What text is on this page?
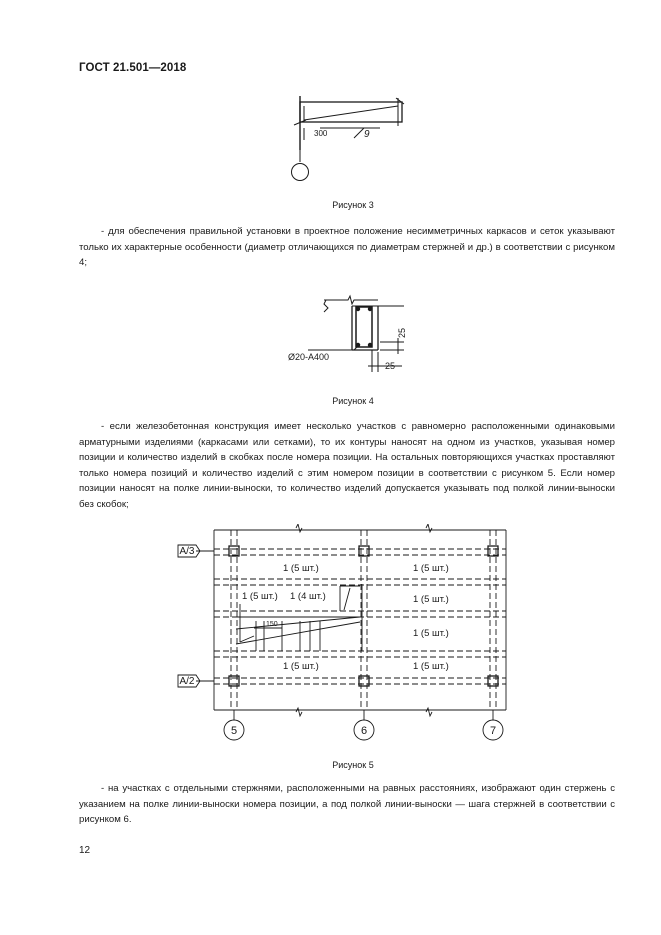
ГОСТ 21.501—2018
300	9
Рисунок 3
- для обеспечения правильной установки в проектное положение несимметричных каркасов и сеток указывают только их характерные особенности (диаметр отличающихся по диаметрам стержней и др.) в соответствии с рисунком 4;
25
25
Ø20-А400
Рисунок 4
- если железобетонная конструкция имеет несколько участков с равномерно расположенными одинаковыми арматурными изделиями (каркасами или сетками), то их контуры наносят на одном из участков, указывая номер позиции и количество изделий в скобках после номера позиции. На остальных повторяющихся участках проставляют только номера позиций и количество изделий с этим номером позиции в соответствии с рисунком 5. Если номер позиции наносят на полке линии-выноски, то количество изделий допускается указывать под полкой линии-выноски без скобок;
А/3
А/2
5	6	7
1 (5 шт.)	1 (5 шт.)
1 (5 шт.) 1 (4 шт.)	1 (5 шт.)
1 (5 шт.)
1 (5 шт.)	1 (5 шт.)
150
Рисунок 5
- на участках с отдельными стержнями, расположенными на равных расстояниях, изображают один стержень с указанием на полке линии-выноски номера позиции, а под полкой линии-выноски — шага стержней в соответствии с рисунком 6.
12
